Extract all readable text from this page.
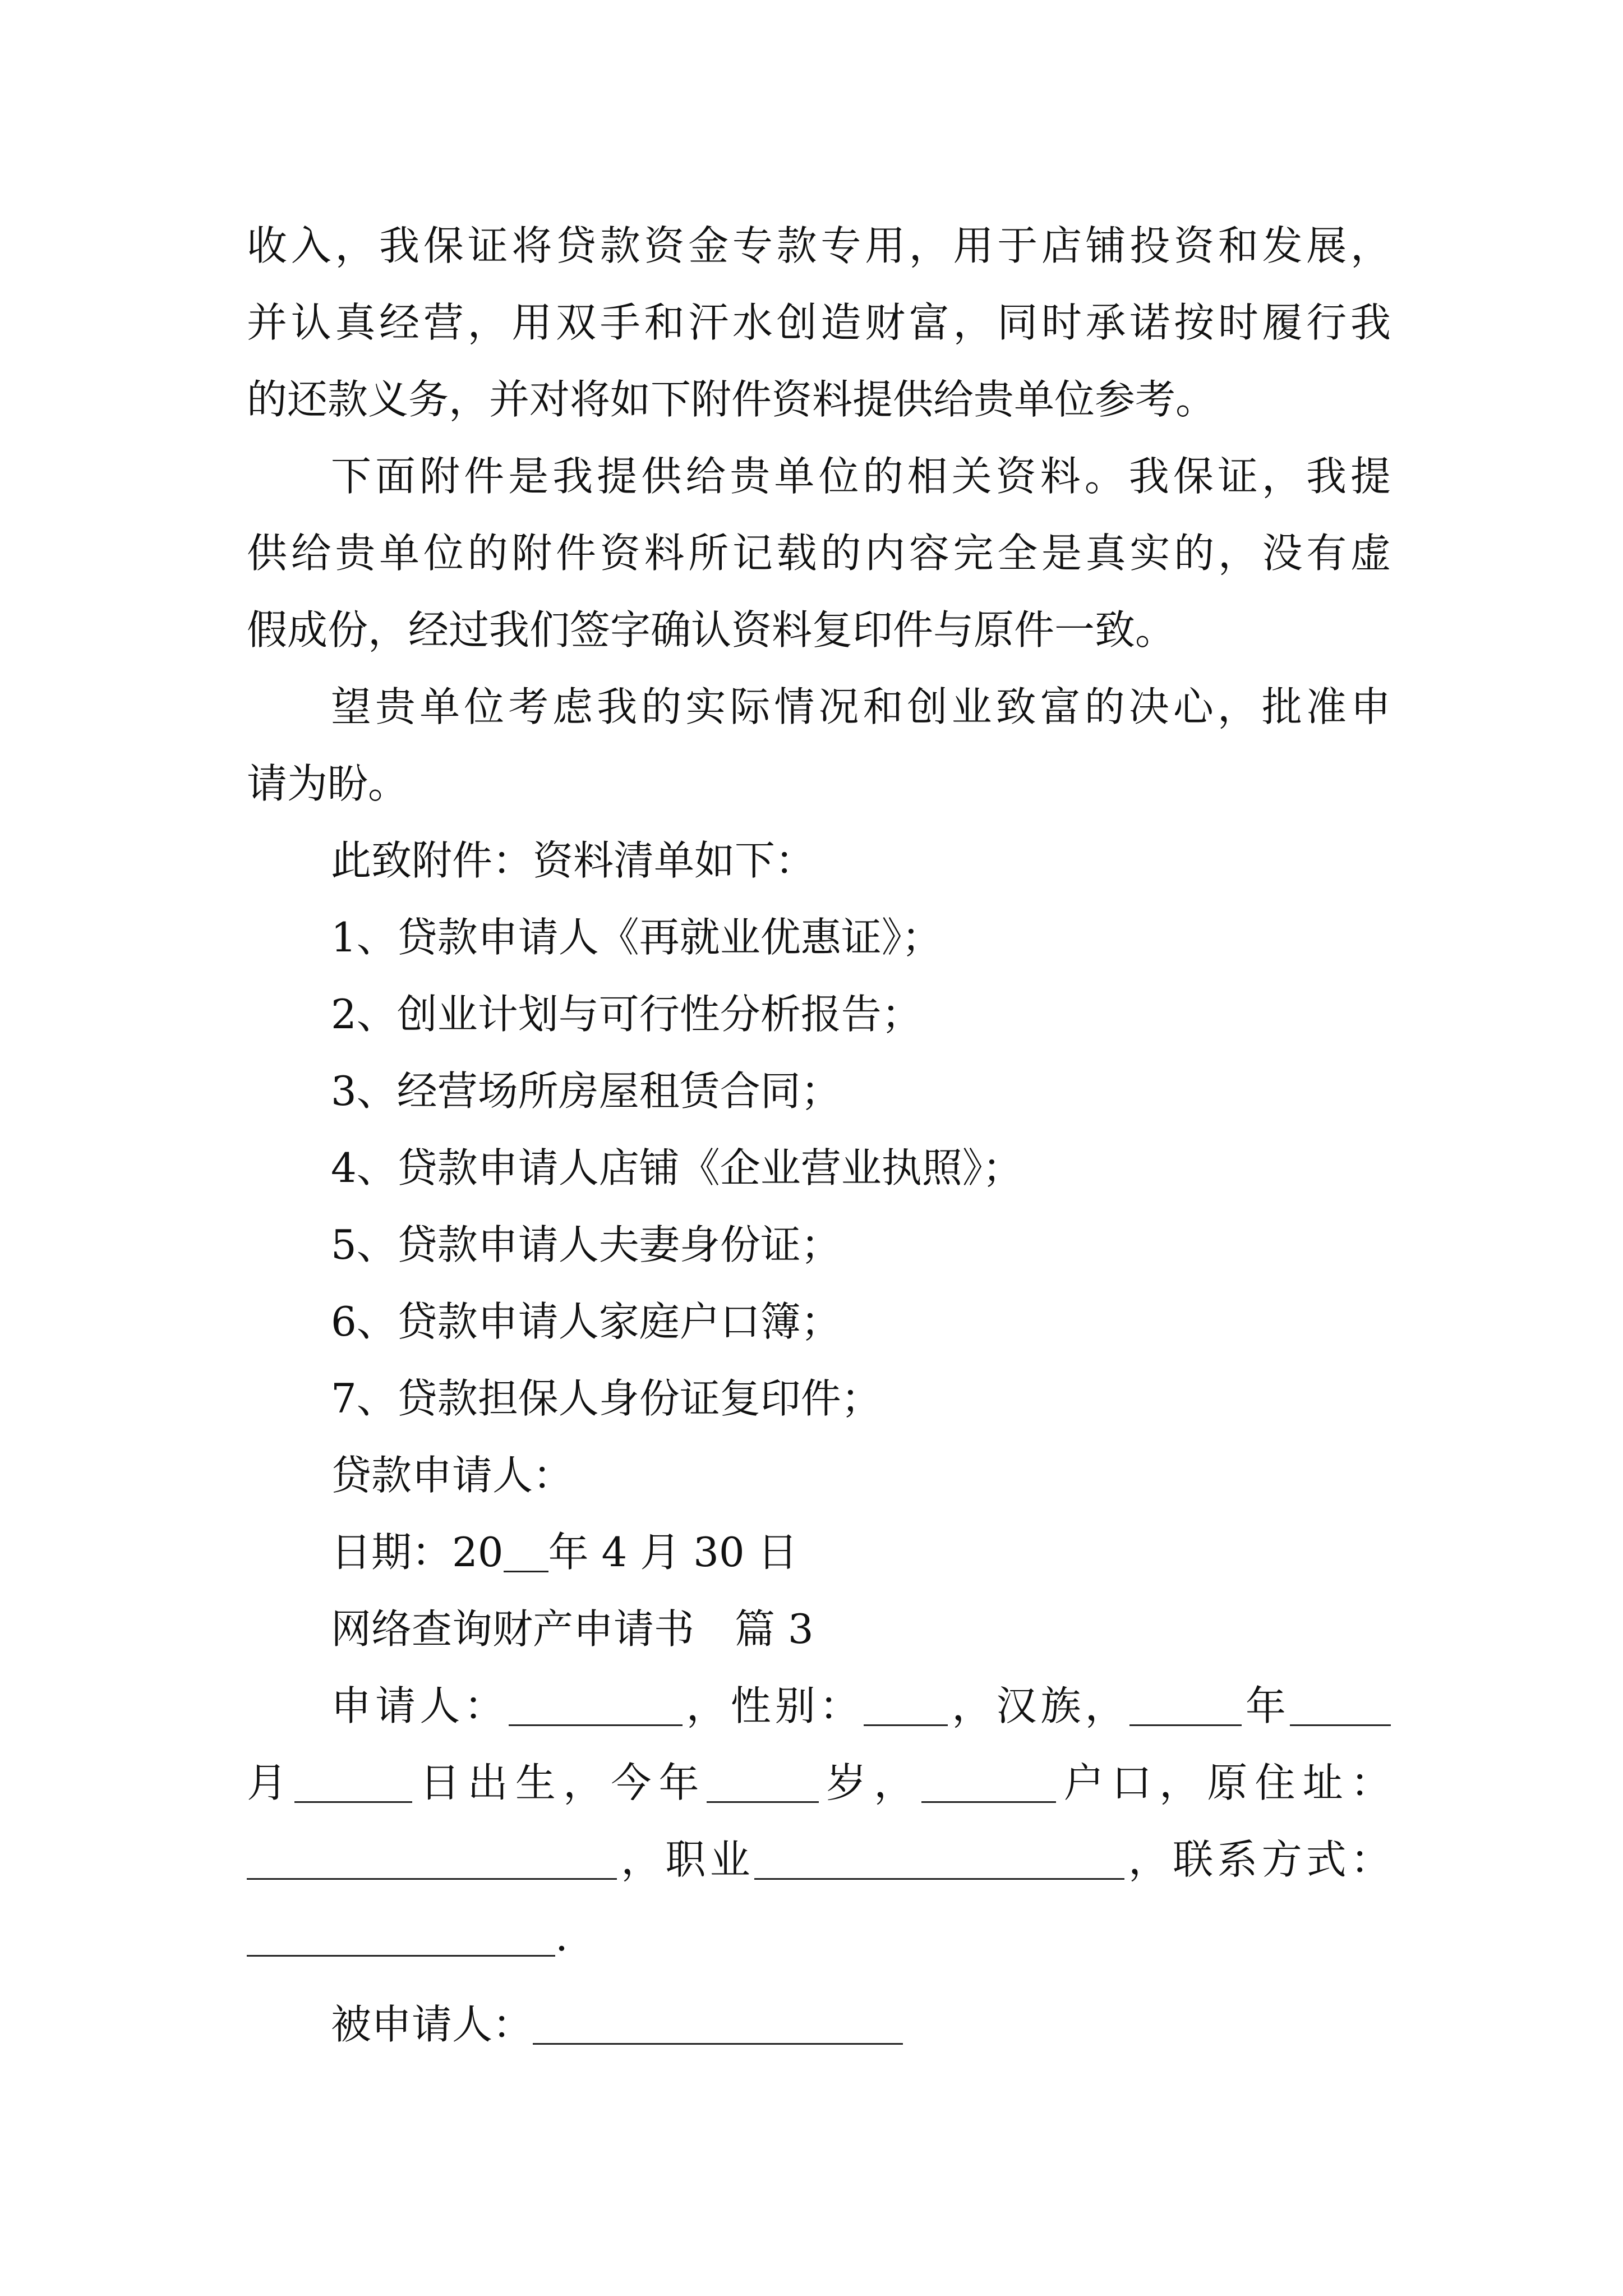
收入，我保证将贷款资金专款专用，用于店铺投资和发展，
并认真经营，用双手和汗水创造财富，同时承诺按时履行我
的还款义务，并对将如下附件资料提供给贵单位参考。
下面附件是我提供给贵单位的相关资料。我保证，我提
供给贵单位的附件资料所记载的内容完全是真实的，没有虚
假成份，经过我们签字确认资料复印件与原件一致。
望贵单位考虑我的实际情况和创业致富的决心，批准申
请为盼。
此致附件：资料清单如下：
1、贷款申请人《再就业优惠证》；
2、创业计划与可行性分析报告；
3、经营场所房屋租赁合同；
4、贷款申请人店铺《企业营业执照》；
5、贷款申请人夫妻身份证；
6、贷款申请人家庭户口簿；
7、贷款担保人身份证复印件；
贷款申请人：
日期：20 年 4 月 30 日
网络查询财产申请书　篇 3
申请人：	，性别： ，汉族，	年
月	日出生，今年	岁，	户口，原住址：
，职业	，联系方式：
.
被申请人：
